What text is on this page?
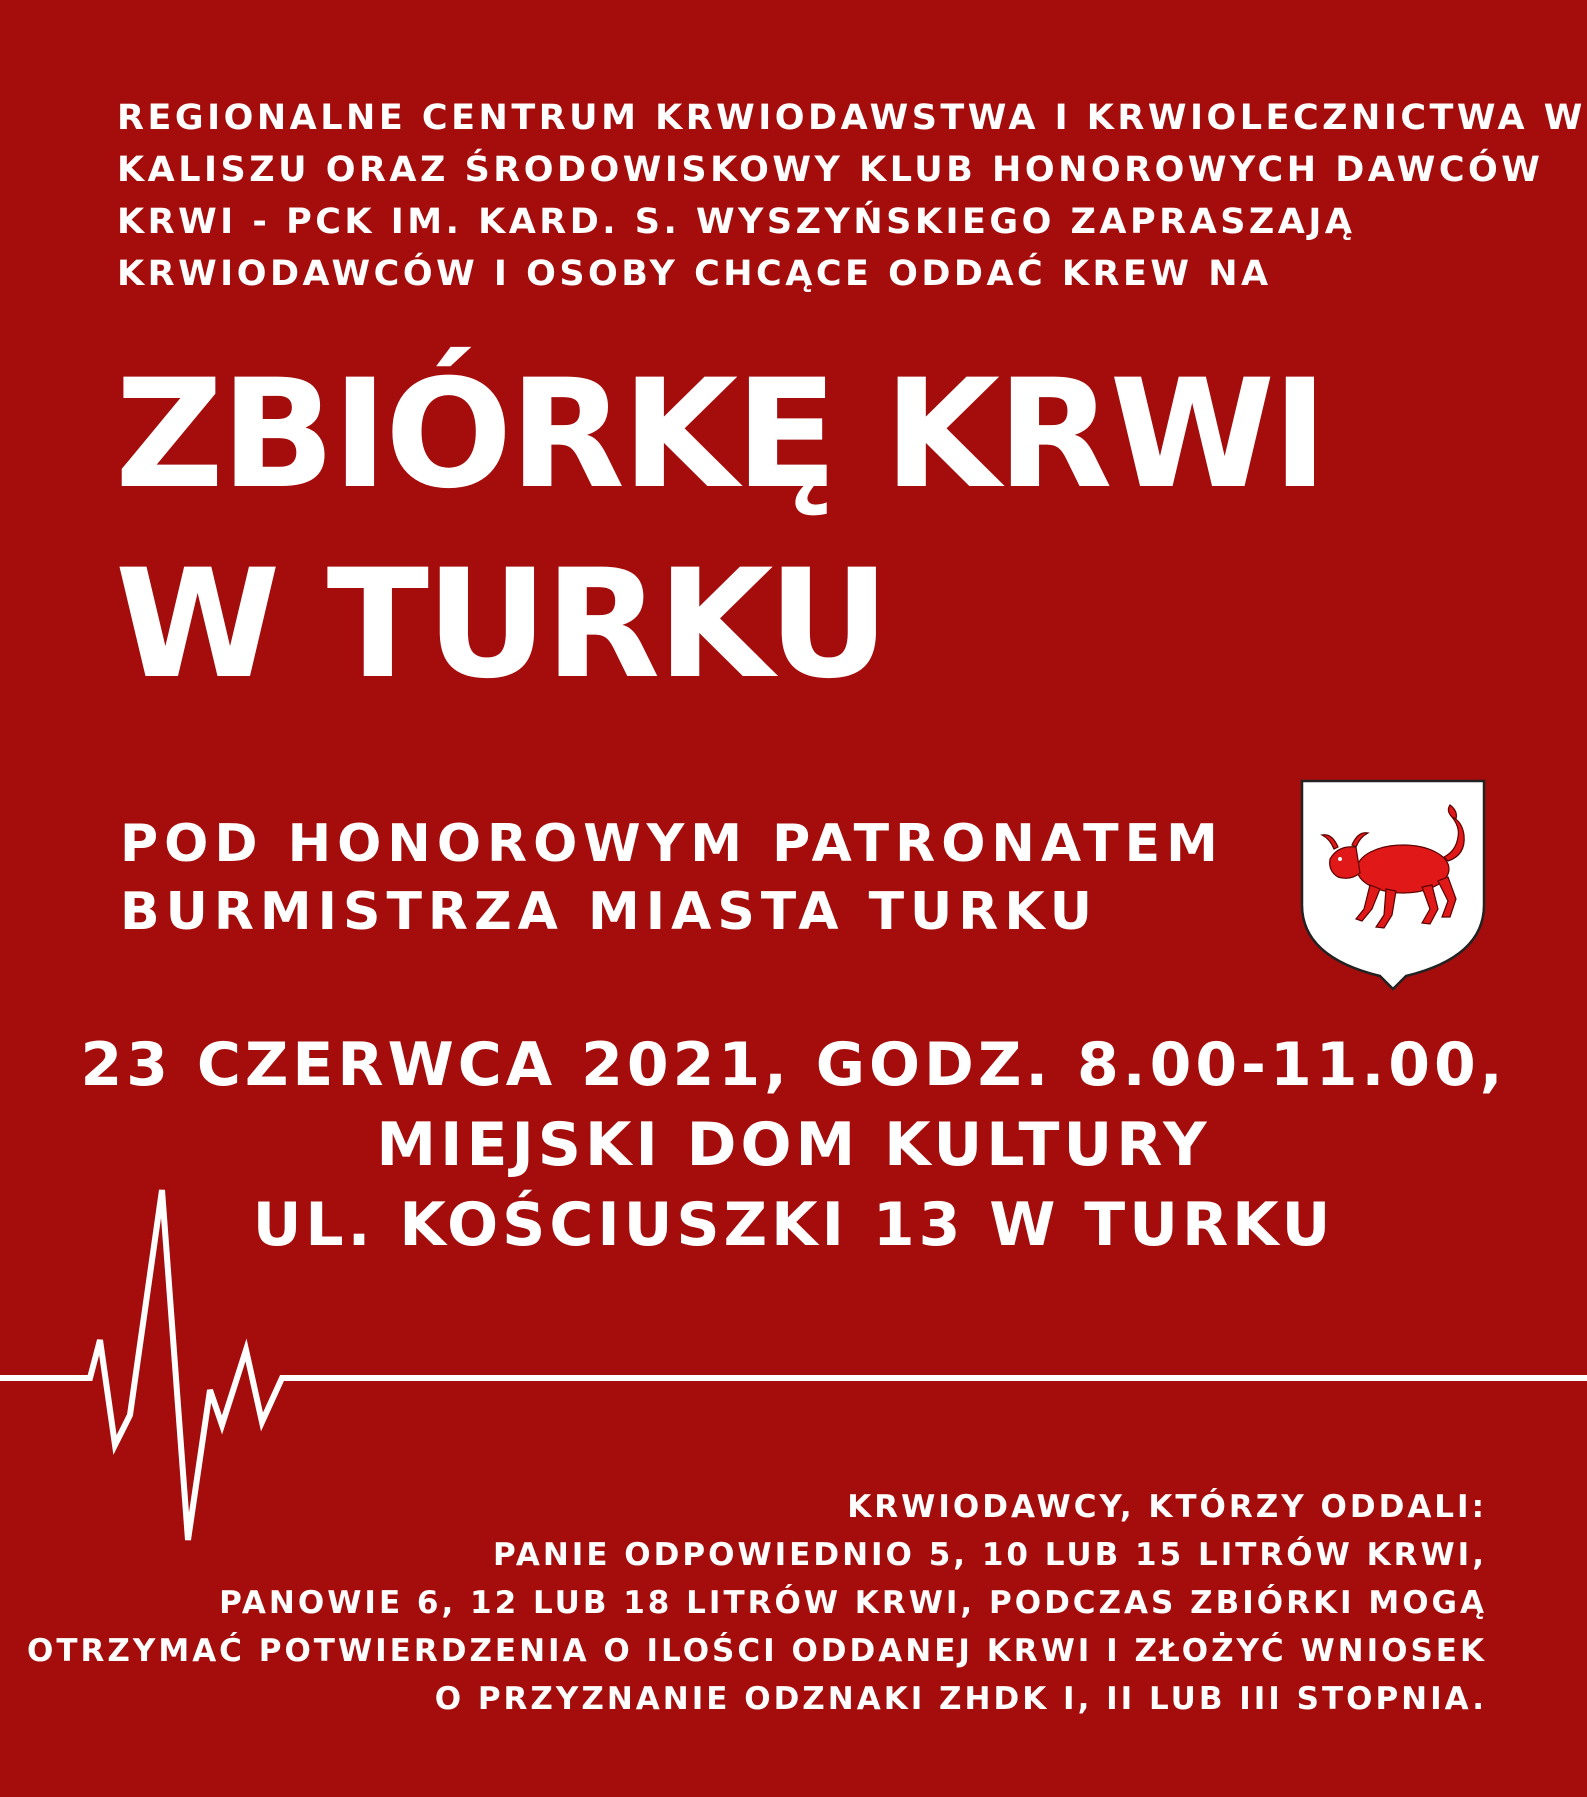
REGIONALNE CENTRUM KRWIODAWSTWA I KRWIOLECZNICTWA W
KALISZU ORAZ ŚRODOWISKOWY KLUB HONOROWYCH DAWCÓW
KRWI - PCK IM. KARD. S. WYSZYŃSKIEGO ZAPRASZAJĄ
KRWIODAWCÓW I OSOBY CHCĄCE ODDAĆ KREW NA
ZBIÓRKĘ KRWI
W TURKU
POD HONOROWYM PATRONATEM
BURMISTRZA MIASTA TURKU
23 CZERWCA 2021, GODZ. 8.00-11.00,
MIEJSKI DOM KULTURY
UL. KOŚCIUSZKI 13 W TURKU
KRWIODAWCY, KTÓRZY ODDALI:
PANIE ODPOWIEDNIO 5, 10 LUB 15 LITRÓW KRWI,
PANOWIE 6, 12 LUB 18 LITRÓW KRWI, PODCZAS ZBIÓRKI MOGĄ
OTRZYMAĆ POTWIERDZENIA O ILOŚCI ODDANEJ KRWI I ZŁOŻYĆ WNIOSEK
O PRZYZNANIE ODZNAKI ZHDK I, II LUB III STOPNIA.
